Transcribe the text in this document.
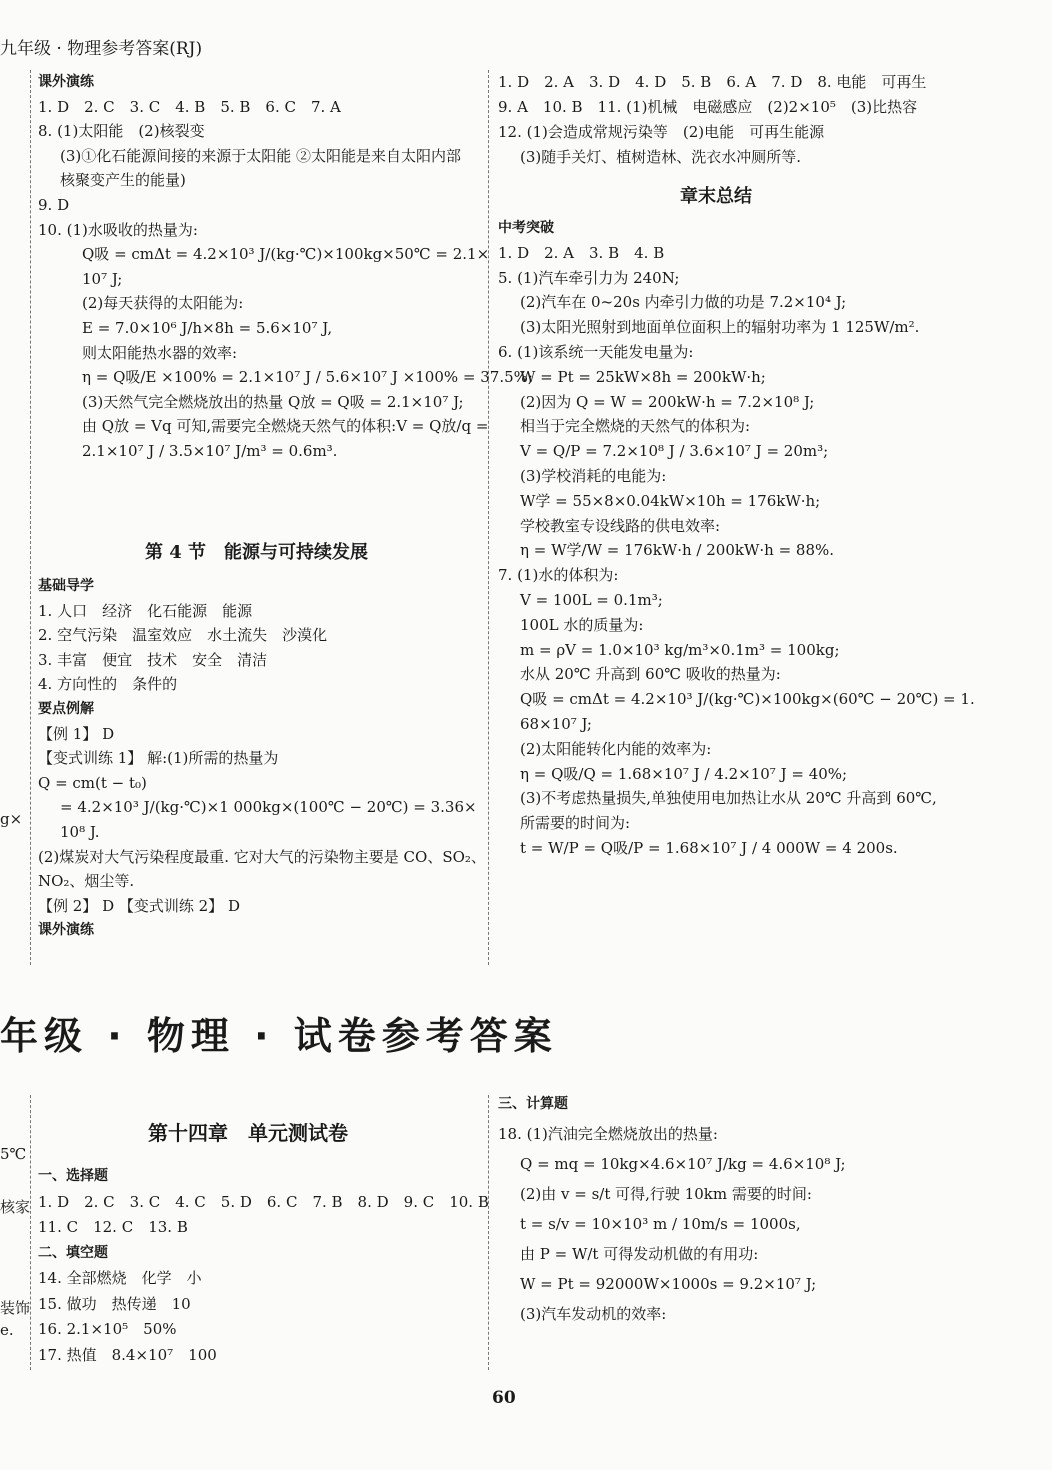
九年级 · 物理参考答案(RJ)
课外演练
1. D　2. C　3. C　4. B　5. B　6. C　7. A
8. (1)太阳能　(2)核裂变
(3)①化石能源间接的来源于太阳能 ②太阳能是来自太阳内部
核聚变产生的能量)
9. D
10. (1)水吸收的热量为:
Q吸 = cmΔt = 4.2×10³ J/(kg·℃)×100kg×50℃ = 2.1×
10⁷ J;
(2)每天获得的太阳能为:
E = 7.0×10⁶ J/h×8h = 5.6×10⁷ J,
则太阳能热水器的效率:
η = Q吸/E ×100% = 2.1×10⁷ J / 5.6×10⁷ J ×100% = 37.5%;
(3)天然气完全燃烧放出的热量 Q放 = Q吸 = 2.1×10⁷ J;
由 Q放 = Vq 可知,需要完全燃烧天然气的体积:V = Q放/q =
2.1×10⁷ J / 3.5×10⁷ J/m³ = 0.6m³.
第 4 节　能源与可持续发展
基础导学
1. 人口　经济　化石能源　能源
2. 空气污染　温室效应　水土流失　沙漠化
3. 丰富　便宜　技术　安全　清洁
4. 方向性的　条件的
要点例解
【例 1】 D
【变式训练 1】 解:(1)所需的热量为
Q = cm(t − t₀)
= 4.2×10³ J/(kg·℃)×1 000kg×(100℃ − 20℃) = 3.36×
10⁸ J.
(2)煤炭对大气污染程度最重. 它对大气的污染物主要是 CO、SO₂、
NO₂、烟尘等.
【例 2】 D 【变式训练 2】 D
课外演练
1. D　2. A　3. D　4. D　5. B　6. A　7. D　8. 电能　可再生
9. A　10. B　11. (1)机械　电磁感应　(2)2×10⁵　(3)比热容
12. (1)会造成常规污染等　(2)电能　可再生能源
(3)随手关灯、植树造林、洗衣水冲厕所等.
章末总结
中考突破
1. D　2. A　3. B　4. B
5. (1)汽车牵引力为 240N;
(2)汽车在 0~20s 内牵引力做的功是 7.2×10⁴ J;
(3)太阳光照射到地面单位面积上的辐射功率为 1 125W/m².
6. (1)该系统一天能发电量为:
W = Pt = 25kW×8h = 200kW·h;
(2)因为 Q = W = 200kW·h = 7.2×10⁸ J;
相当于完全燃烧的天然气的体积为:
V = Q/P = 7.2×10⁸ J / 3.6×10⁷ J = 20m³;
(3)学校消耗的电能为:
W学 = 55×8×0.04kW×10h = 176kW·h;
学校教室专设线路的供电效率:
η = W学/W = 176kW·h / 200kW·h = 88%.
7. (1)水的体积为:
V = 100L = 0.1m³;
100L 水的质量为:
m = ρV = 1.0×10³ kg/m³×0.1m³ = 100kg;
水从 20℃ 升高到 60℃ 吸收的热量为:
Q吸 = cmΔt = 4.2×10³ J/(kg·℃)×100kg×(60℃ − 20℃) = 1.
68×10⁷ J;
(2)太阳能转化内能的效率为:
η = Q吸/Q = 1.68×10⁷ J / 4.2×10⁷ J = 40%;
(3)不考虑热量损失,单独使用电加热让水从 20℃ 升高到 60℃,
所需要的时间为:
t = W/P = Q吸/P = 1.68×10⁷ J / 4 000W = 4 200s.
年级 · 物理 · 试卷参考答案
第十四章　单元测试卷
一、选择题
1. D　2. C　3. C　4. C　5. D　6. C　7. B　8. D　9. C　10. B
11. C　12. C　13. B
二、填空题
14. 全部燃烧　化学　小
15. 做功　热传递　10
16. 2.1×10⁵　50%
17. 热值　8.4×10⁷　100
三、计算题
18. (1)汽油完全燃烧放出的热量:
Q = mq = 10kg×4.6×10⁷ J/kg = 4.6×10⁸ J;
(2)由 v = s/t 可得,行驶 10km 需要的时间:
t = s/v = 10×10³ m / 10m/s = 1000s,
由 P = W/t 可得发动机做的有用功:
W = Pt = 92000W×1000s = 9.2×10⁷ J;
(3)汽车发动机的效率:
g×
5℃
核家
装饰
e.
60
